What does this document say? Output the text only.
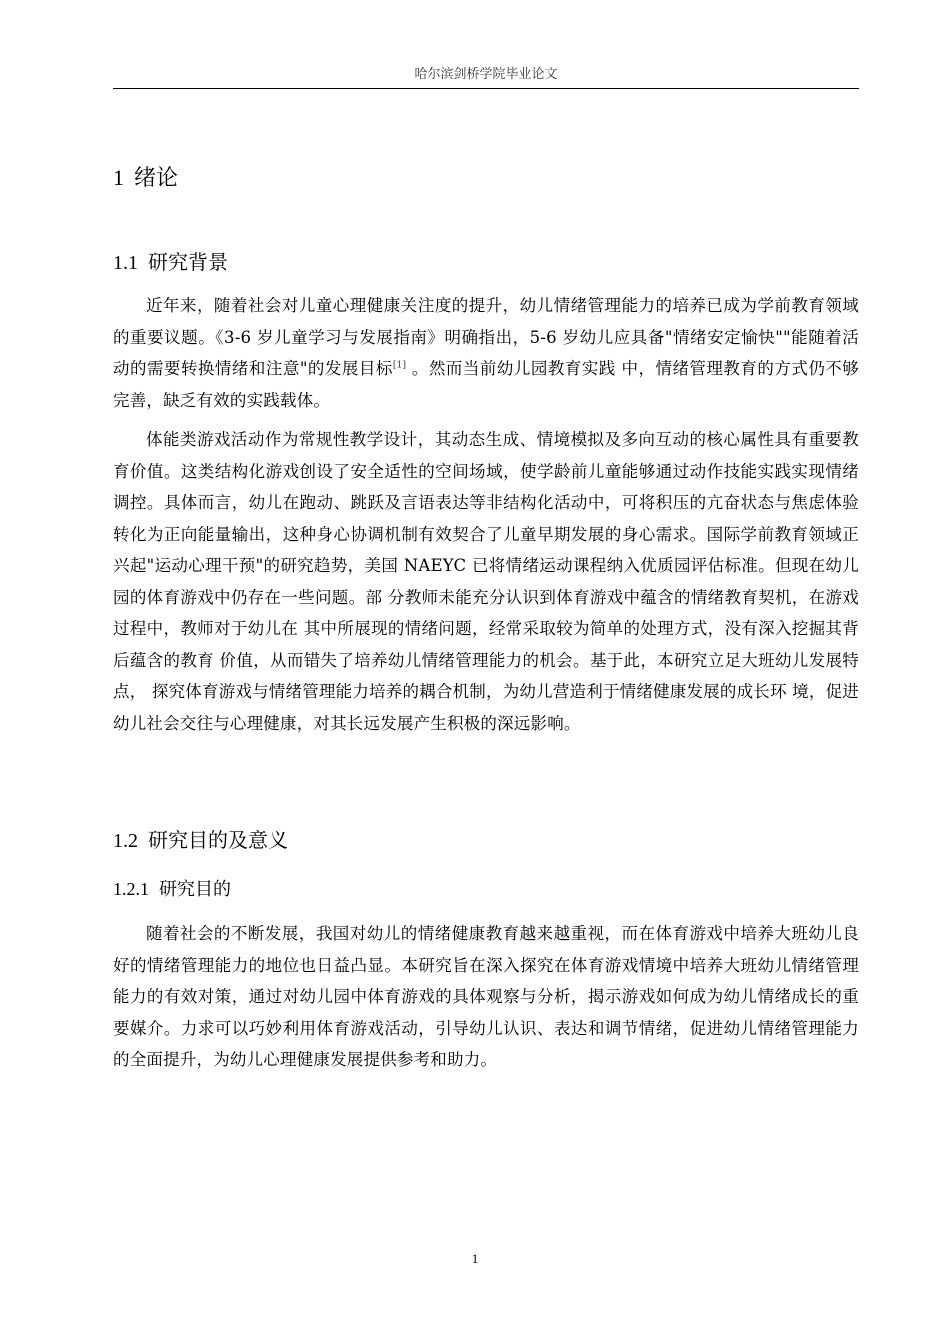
哈尔滨剑桥学院毕业论文
1 绪论
1.1 研究背景

近年来，随着社会对儿童心理健康关注度的提升，幼儿情绪管理能力的培养已成为学前教育领域的重要议题。《3-6 岁儿童学习与发展指南》明确指出，5-6 岁幼儿应具备"情绪安定愉快""能随着活动的需要转换情绪和注意"的发展目标[1] 。然而当前幼儿园教育实践 中，情绪管理教育的方式仍不够完善，缺乏有效的实践载体。

体能类游戏活动作为常规性教学设计，其动态生成、情境模拟及多向互动的核心属性具有重要教育价值。这类结构化游戏创设了安全适性的空间场域，使学龄前儿童能够通过动作技能实践实现情绪调控。具体而言，幼儿在跑动、跳跃及言语表达等非结构化活动中，可将积压的亢奋状态与焦虑体验转化为正向能量输出，这种身心协调机制有效契合了儿童早期发展的身心需求。国际学前教育领域正兴起"运动心理干预"的研究趋势，美国 NAEYC 已将情绪运动课程纳入优质园评估标准。但现在幼儿园的体育游戏中仍存在一些问题。部 分教师未能充分认识到体育游戏中蕴含的情绪教育契机，在游戏过程中，教师对于幼儿在 其中所展现的情绪问题，经常采取较为简单的处理方式，没有深入挖掘其背后蕴含的教育 价值，从而错失了培养幼儿情绪管理能力的机会。基于此，本研究立足大班幼儿发展特点， 探究体育游戏与情绪管理能力培养的耦合机制，为幼儿营造利于情绪健康发展的成长环 境，促进幼儿社会交往与心理健康，对其长远发展产生积极的深远影响。

1.2 研究目的及意义
1.2.1 研究目的

随着社会的不断发展，我国对幼儿的情绪健康教育越来越重视，而在体育游戏中培养大班幼儿良好的情绪管理能力的地位也日益凸显。本研究旨在深入探究在体育游戏情境中培养大班幼儿情绪管理能力的有效对策，通过对幼儿园中体育游戏的具体观察与分析，揭示游戏如何成为幼儿情绪成长的重要媒介。力求可以巧妙利用体育游戏活动，引导幼儿认识、表达和调节情绪，促进幼儿情绪管理能力的全面提升，为幼儿心理健康发展提供参考和助力。

1
